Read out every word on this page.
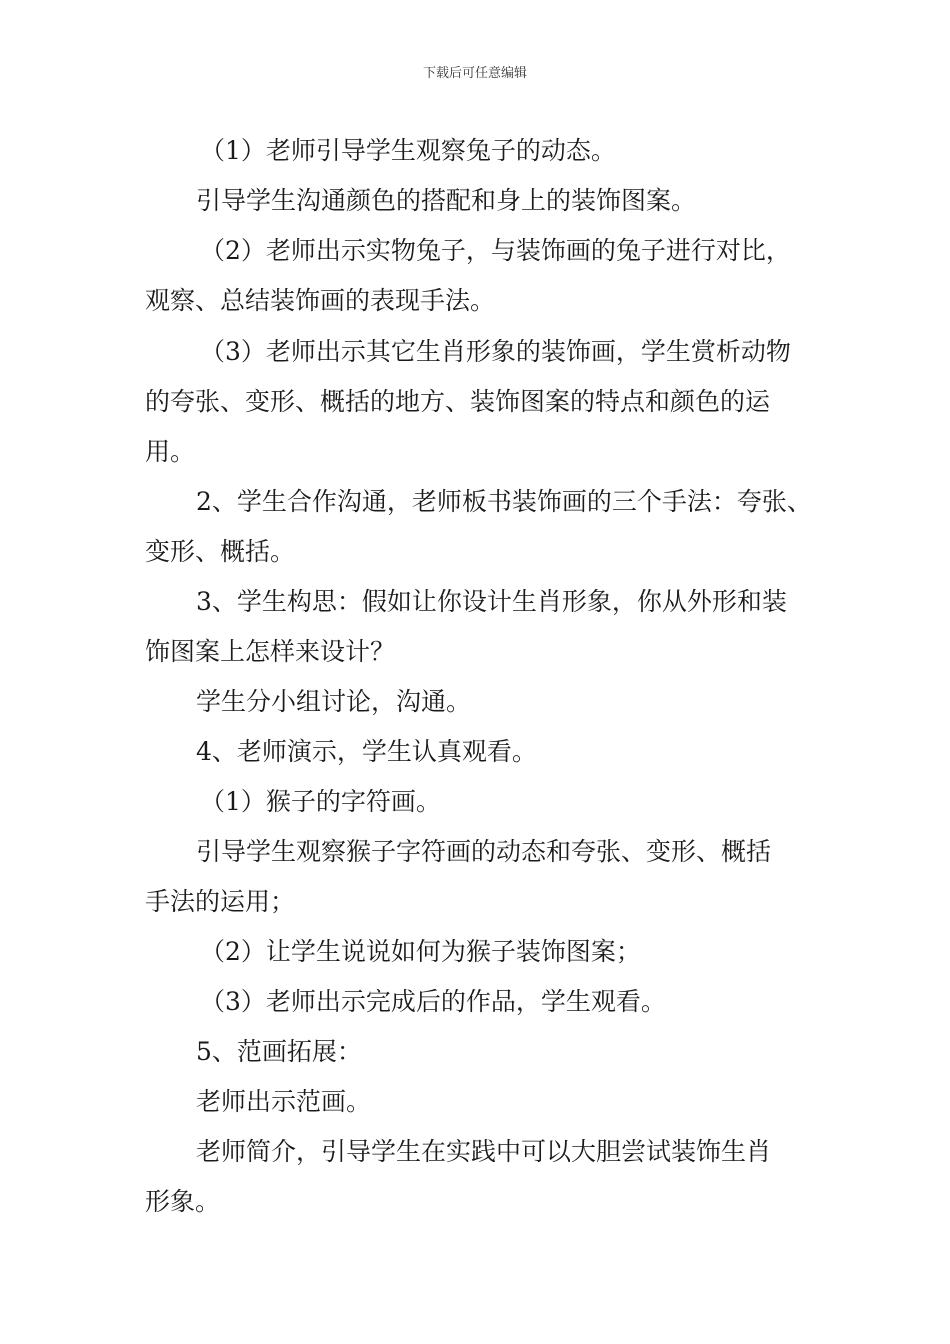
下载后可任意编辑
（1）老师引导学生观察兔子的动态。
引导学生沟通颜色的搭配和身上的装饰图案。
（2）老师出示实物兔子，与装饰画的兔子进行对比，
观察、总结装饰画的表现手法。
（3）老师出示其它生肖形象的装饰画，学生赏析动物
的夸张、变形、概括的地方、装饰图案的特点和颜色的运
用。
2、学生合作沟通，老师板书装饰画的三个手法：夸张、
变形、概括。
3、学生构思：假如让你设计生肖形象，你从外形和装
饰图案上怎样来设计？
学生分小组讨论，沟通。
4、老师演示，学生认真观看。
（1）猴子的字符画。
引导学生观察猴子字符画的动态和夸张、变形、概括
手法的运用；
（2）让学生说说如何为猴子装饰图案；
（3）老师出示完成后的作品，学生观看。
5、范画拓展：
老师出示范画。
老师简介，引导学生在实践中可以大胆尝试装饰生肖
形象。
